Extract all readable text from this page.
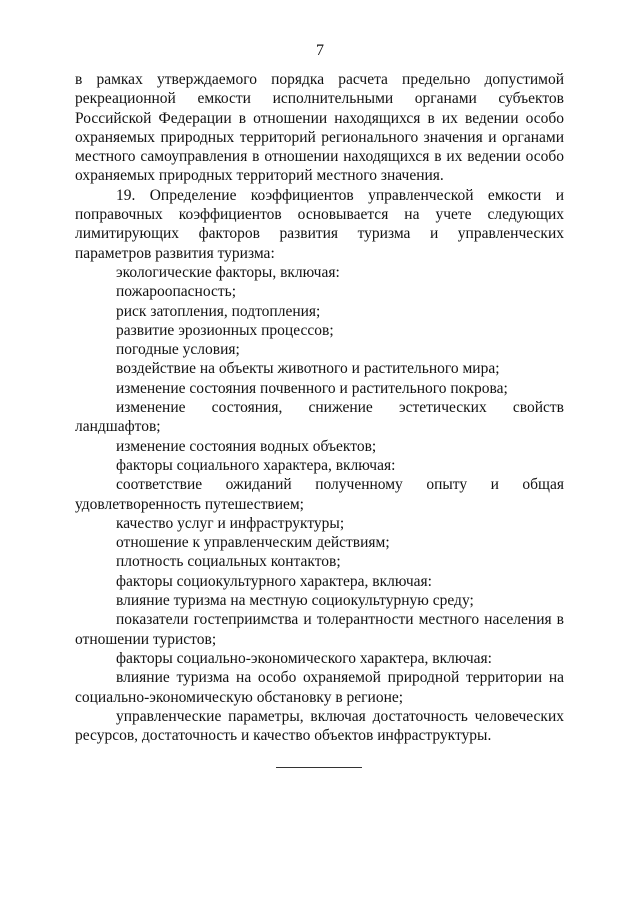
7

в рамках утверждаемого порядка расчета предельно допустимой рекреационной емкости исполнительными органами субъектов Российской Федерации в отношении находящихся в их ведении особо охраняемых природных территорий регионального значения и органами местного самоуправления в отношении находящихся в их ведении особо охраняемых природных территорий местного значения.

19. Определение коэффициентов управленческой емкости и поправочных коэффициентов основывается на учете следующих лимитирующих факторов развития туризма и управленческих параметров развития туризма:

экологические факторы, включая:

пожароопасность;

риск затопления, подтопления;

развитие эрозионных процессов;

погодные условия;

воздействие на объекты животного и растительного мира;

изменение состояния почвенного и растительного покрова;

изменение состояния, снижение эстетических свойств ландшафтов;

изменение состояния водных объектов;

факторы социального характера, включая:

соответствие ожиданий полученному опыту и общая удовлетворенность путешествием;

качество услуг и инфраструктуры;

отношение к управленческим действиям;

плотность социальных контактов;

факторы социокультурного характера, включая:

влияние туризма на местную социокультурную среду;

показатели гостеприимства и толерантности местного населения в отношении туристов;

факторы социально-экономического характера, включая:

влияние туризма на особо охраняемой природной территории на социально-экономическую обстановку в регионе;

управленческие параметры, включая достаточность человеческих ресурсов, достаточность и качество объектов инфраструктуры.
